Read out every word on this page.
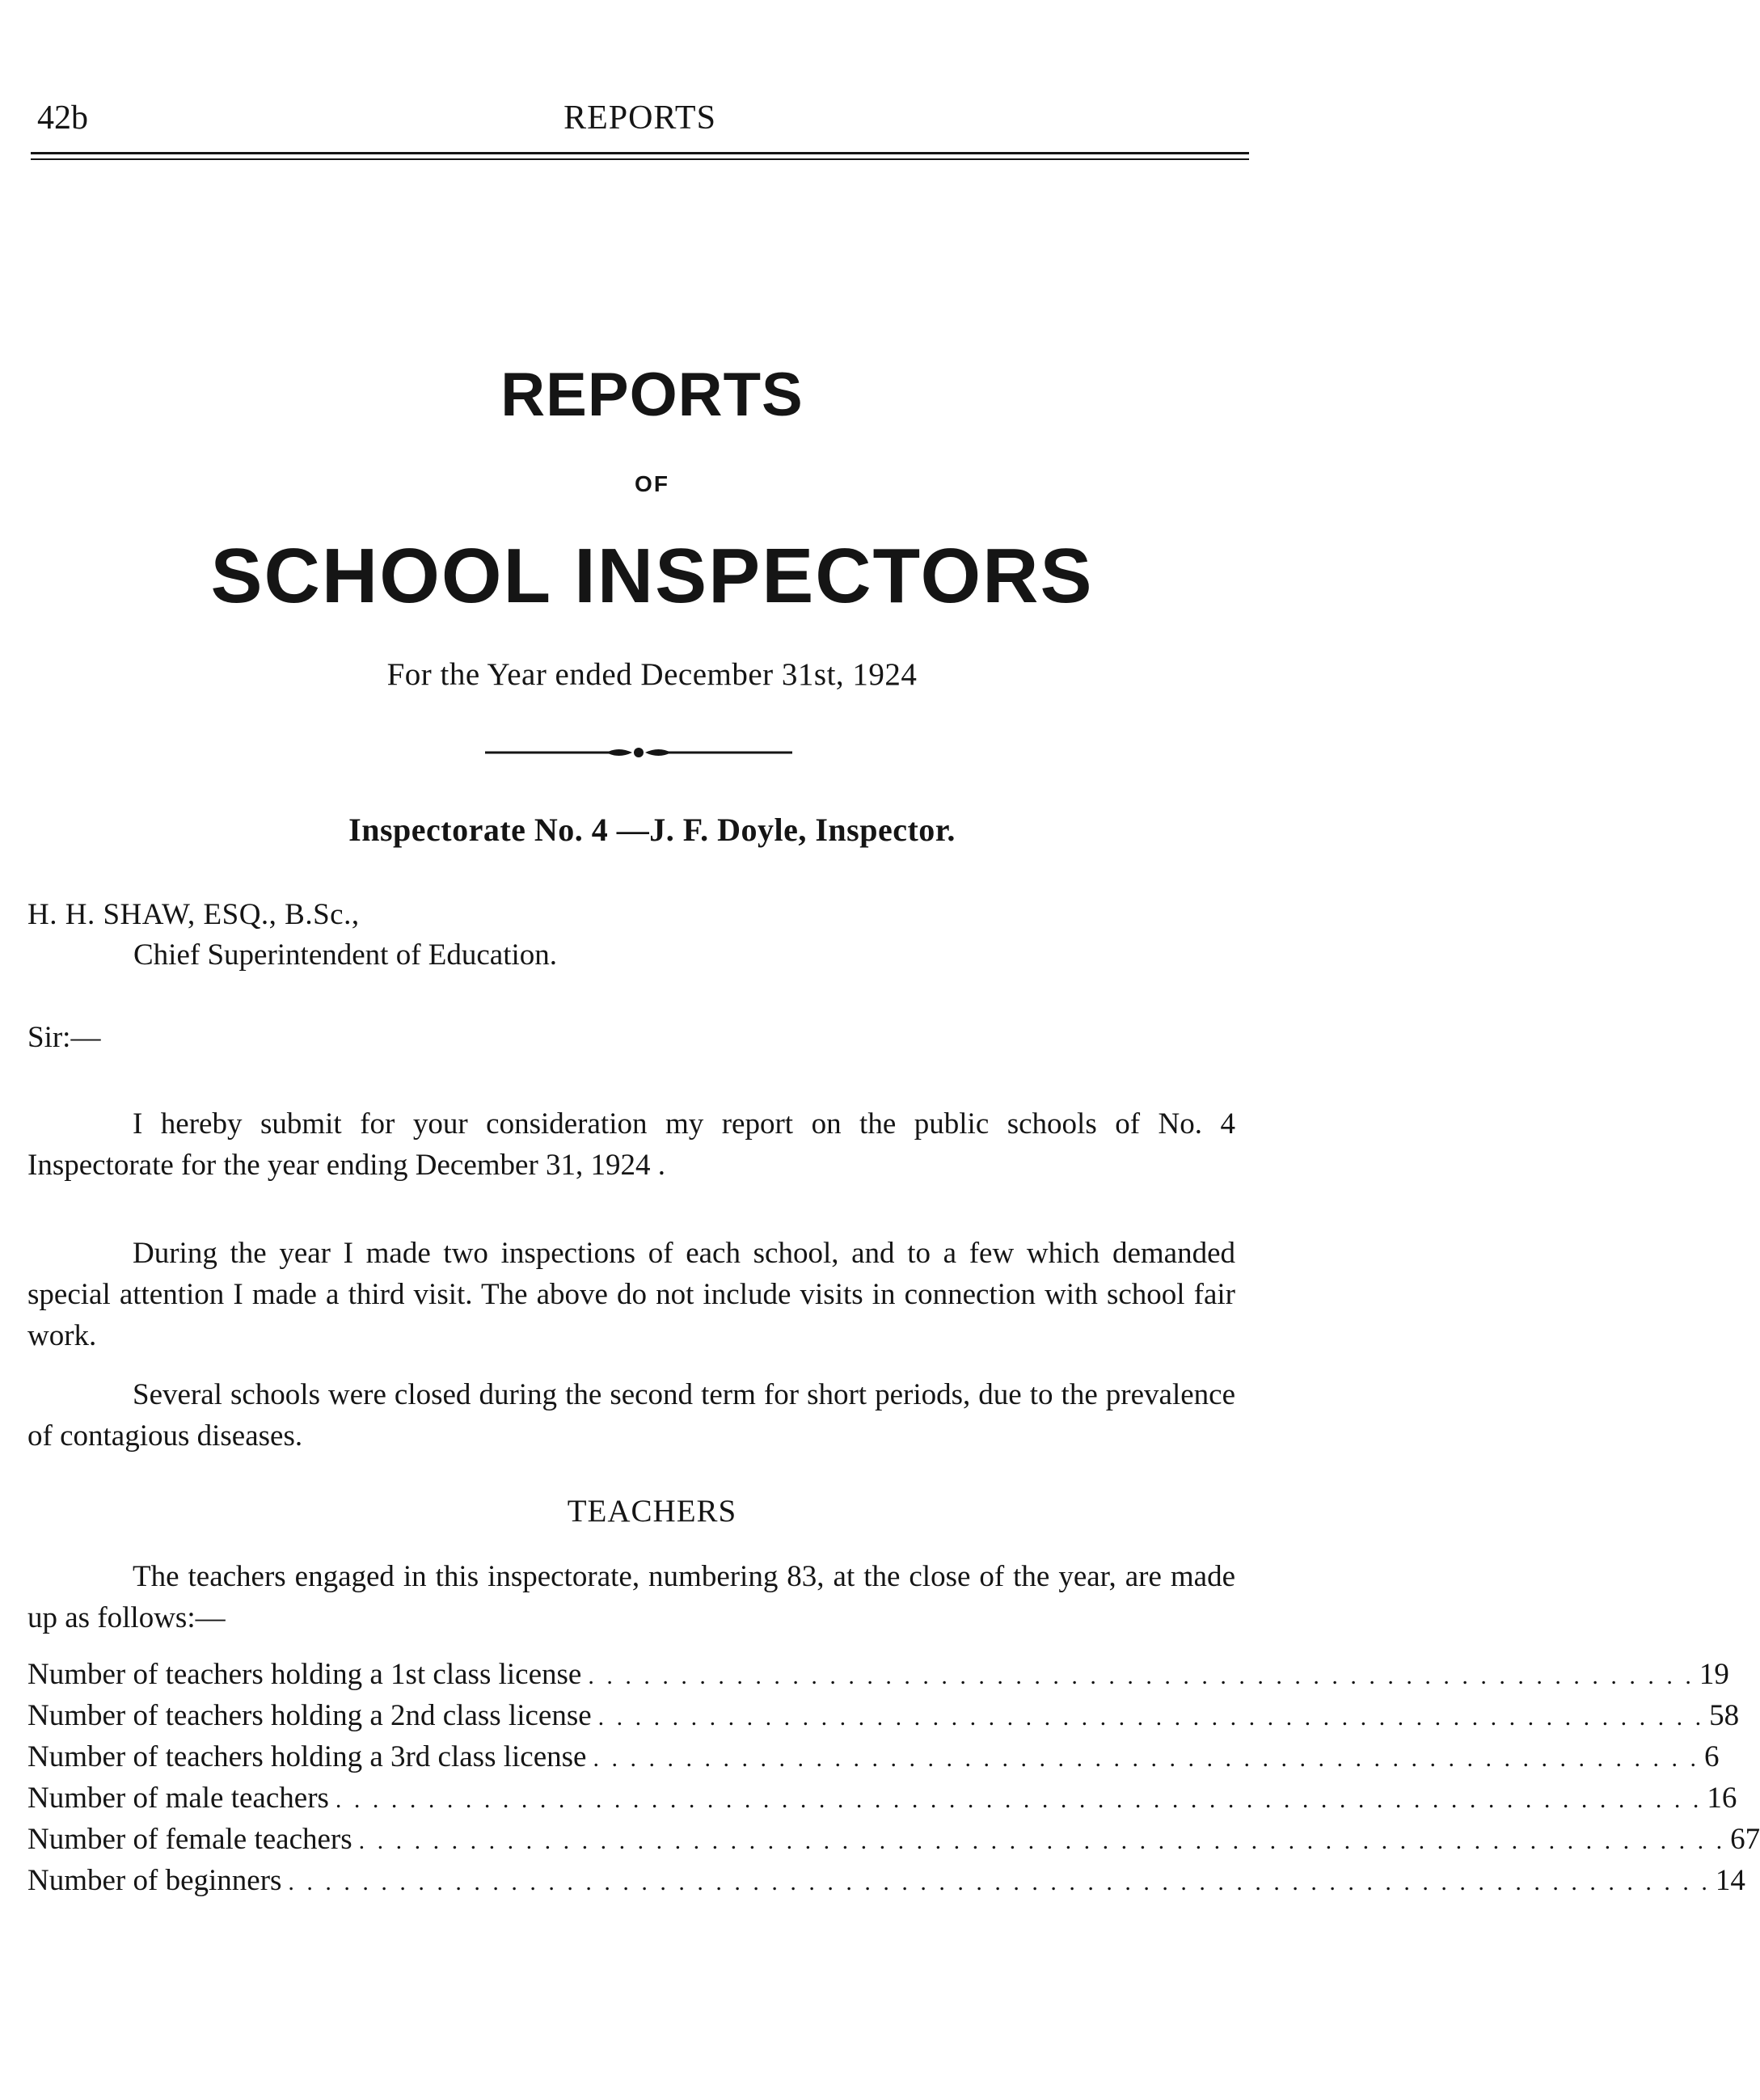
42b	REPORTS
REPORTS
OF
SCHOOL INSPECTORS
For the Year ended December 31st, 1924
Inspectorate No. 4 —J. F. Doyle, Inspector.
H. H. SHAW, ESQ., B.Sc.,
Chief Superintendent of Education.
Sir:—

I hereby submit for your consideration my report on the public schools of No. 4 Inspectorate for the year ending December 31, 1924 .

During the year I made two inspections of each school, and to a few which demanded special attention I made a third visit. The above do not include visits in connection with school fair work.

Several schools were closed during the second term for short periods, due to the prevalence of contagious diseases.

TEACHERS

The teachers engaged in this inspectorate, numbering 83, at the close of the year, are made up as follows:—

Number of teachers holding a 1st class license . . . . . . . . . . . . . . . . . . . . . . . . . . . . . . . . . . . . . . . . . . . . . . . . . . . . . . . . . . . . 19
Number of teachers holding a 2nd class license . . . . . . . . . . . . . . . . . . . . . . . . . . . . . . . . . . . . . . . . . . . . . . . . . . . . . . . . . . . . 58
Number of teachers holding a 3rd class license . . . . . . . . . . . . . . . . . . . . . . . . . . . . . . . . . . . . . . . . . . . . . . . . . . . . . . . . . . . . 6
Number of male teachers . . . . . . . . . . . . . . . . . . . . . . . . . . . . . . . . . . . . . . . . . . . . . . . . . . . . . . . . . . . . . . . . . . . . . . . . . . 16
Number of female teachers . . . . . . . . . . . . . . . . . . . . . . . . . . . . . . . . . . . . . . . . . . . . . . . . . . . . . . . . . . . . . . . . . . . . . . . . . . 67
Number of beginners . . . . . . . . . . . . . . . . . . . . . . . . . . . . . . . . . . . . . . . . . . . . . . . . . . . . . . . . . . . . . . . . . . . . . . . . . . . . . 14
